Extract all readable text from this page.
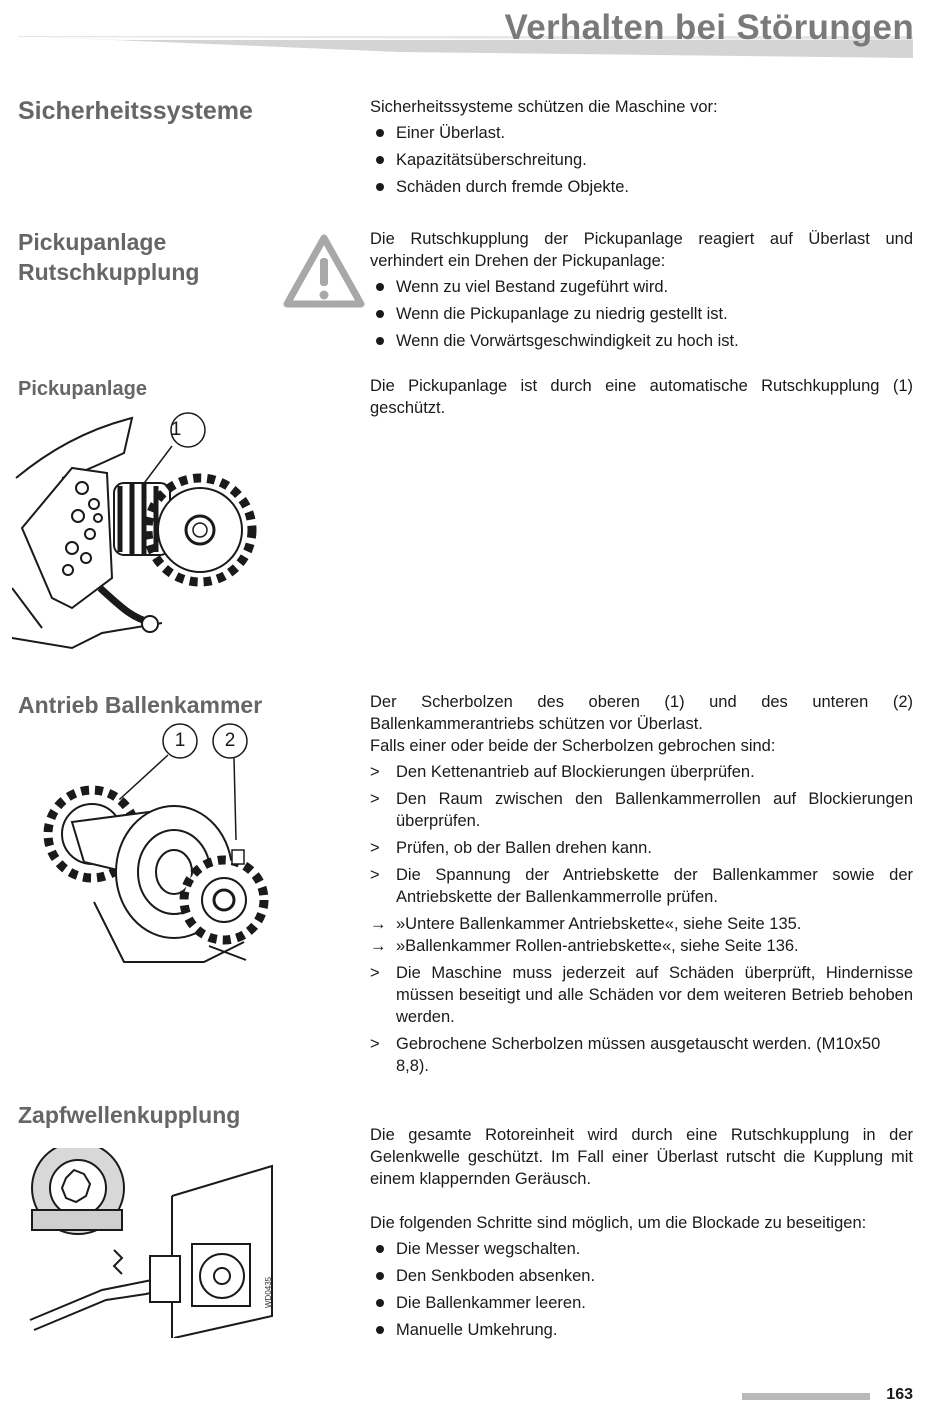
Verhalten bei Störungen
Sicherheitssysteme	Sicherheitssysteme schützen die Maschine vor:

Einer Überlast.
Kapazitätsüberschreitung.
Schäden durch fremde Objekte.
Pickupanlage
Rutschkupplung

Die Rutschkupplung der Pickupanlage reagiert auf Überlast und verhindert ein Drehen der Pickupanlage:

Wenn zu viel Bestand zugeführt wird.
Wenn die Pickupanlage zu niedrig gestellt ist.
Wenn die Vorwärtsgeschwindigkeit zu hoch ist.
Pickupanlage	Die Pickupanlage ist durch eine automatische Rutschkupplung (1) geschützt.

1
Antrieb Ballenkammer
1	2

Der Scherbolzen des oberen (1) und des unteren (2) Ballenkammerantriebs schützen vor Überlast.

Falls einer oder beide der Scherbolzen gebrochen sind:

> Den Kettenantrieb auf Blockierungen überprüfen.
> Den Raum zwischen den Ballenkammerrollen auf Blockierungen überprüfen.
> Prüfen, ob der Ballen drehen kann.
> Die Spannung der Antriebskette der Ballenkammer sowie der Antriebskette der Ballenkammerrolle prüfen.
→ »Untere Ballenkammer Antriebskette«, siehe Seite 135.
→ »Ballenkammer Rollen-antriebskette«, siehe Seite 136.
> Die Maschine muss jederzeit auf Schäden überprüft, Hindernisse müssen beseitigt und alle Schäden vor dem weiteren Betrieb behoben werden.
> Gebrochene Scherbolzen müssen ausgetauscht werden. (M10x50 8,8).
Zapfwellenkupplung
WD0435

Die gesamte Rotoreinheit wird durch eine Rutschkupplung in der Gelenkwelle geschützt. Im Fall einer Überlast rutscht die Kupplung mit einem klappernden Geräusch.

Die folgenden Schritte sind möglich, um die Blockade zu beseitigen:

Die Messer wegschalten.
Den Senkboden absenken.
Die Ballenkammer leeren.
Manuelle Umkehrung.
163
